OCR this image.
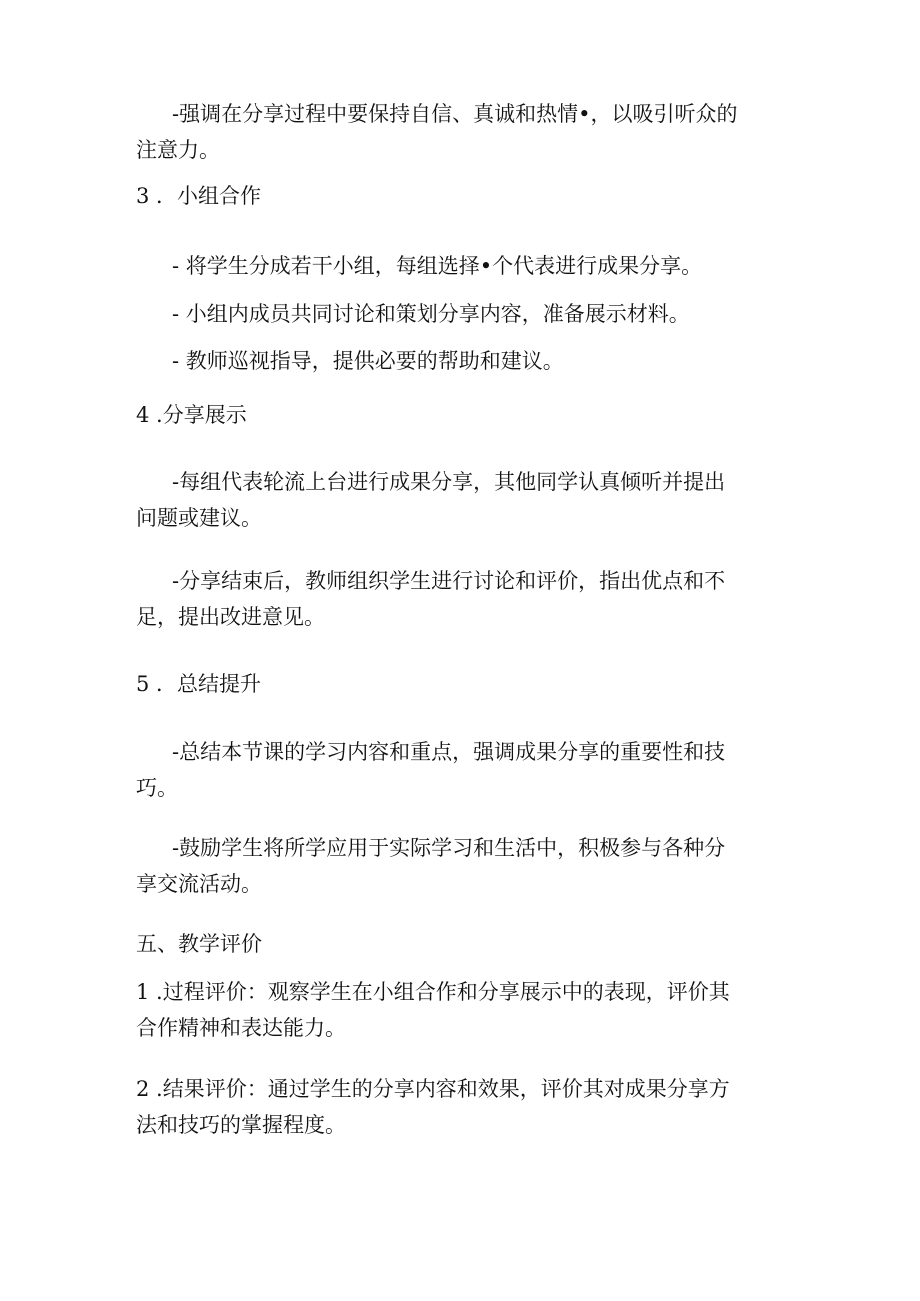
-强调在分享过程中要保持自信、真诚和热情•，以吸引听众的
注意力。
3 ．小组合作
- 将学生分成若干小组，每组选择•个代表进行成果分享。
- 小组内成员共同讨论和策划分享内容，准备展示材料。
- 教师巡视指导，提供必要的帮助和建议。
4 .分享展示
-每组代表轮流上台进行成果分享，其他同学认真倾听并提出
问题或建议。
-分享结束后，教师组织学生进行讨论和评价，指出优点和不
足，提出改进意见。
5 ．总结提升
-总结本节课的学习内容和重点，强调成果分享的重要性和技
巧。
-鼓励学生将所学应用于实际学习和生活中，积极参与各种分
享交流活动。
五、教学评价
1 .过程评价：观察学生在小组合作和分享展示中的表现，评价其
合作精神和表达能力。
2 .结果评价：通过学生的分享内容和效果，评价其对成果分享方
法和技巧的掌握程度。
